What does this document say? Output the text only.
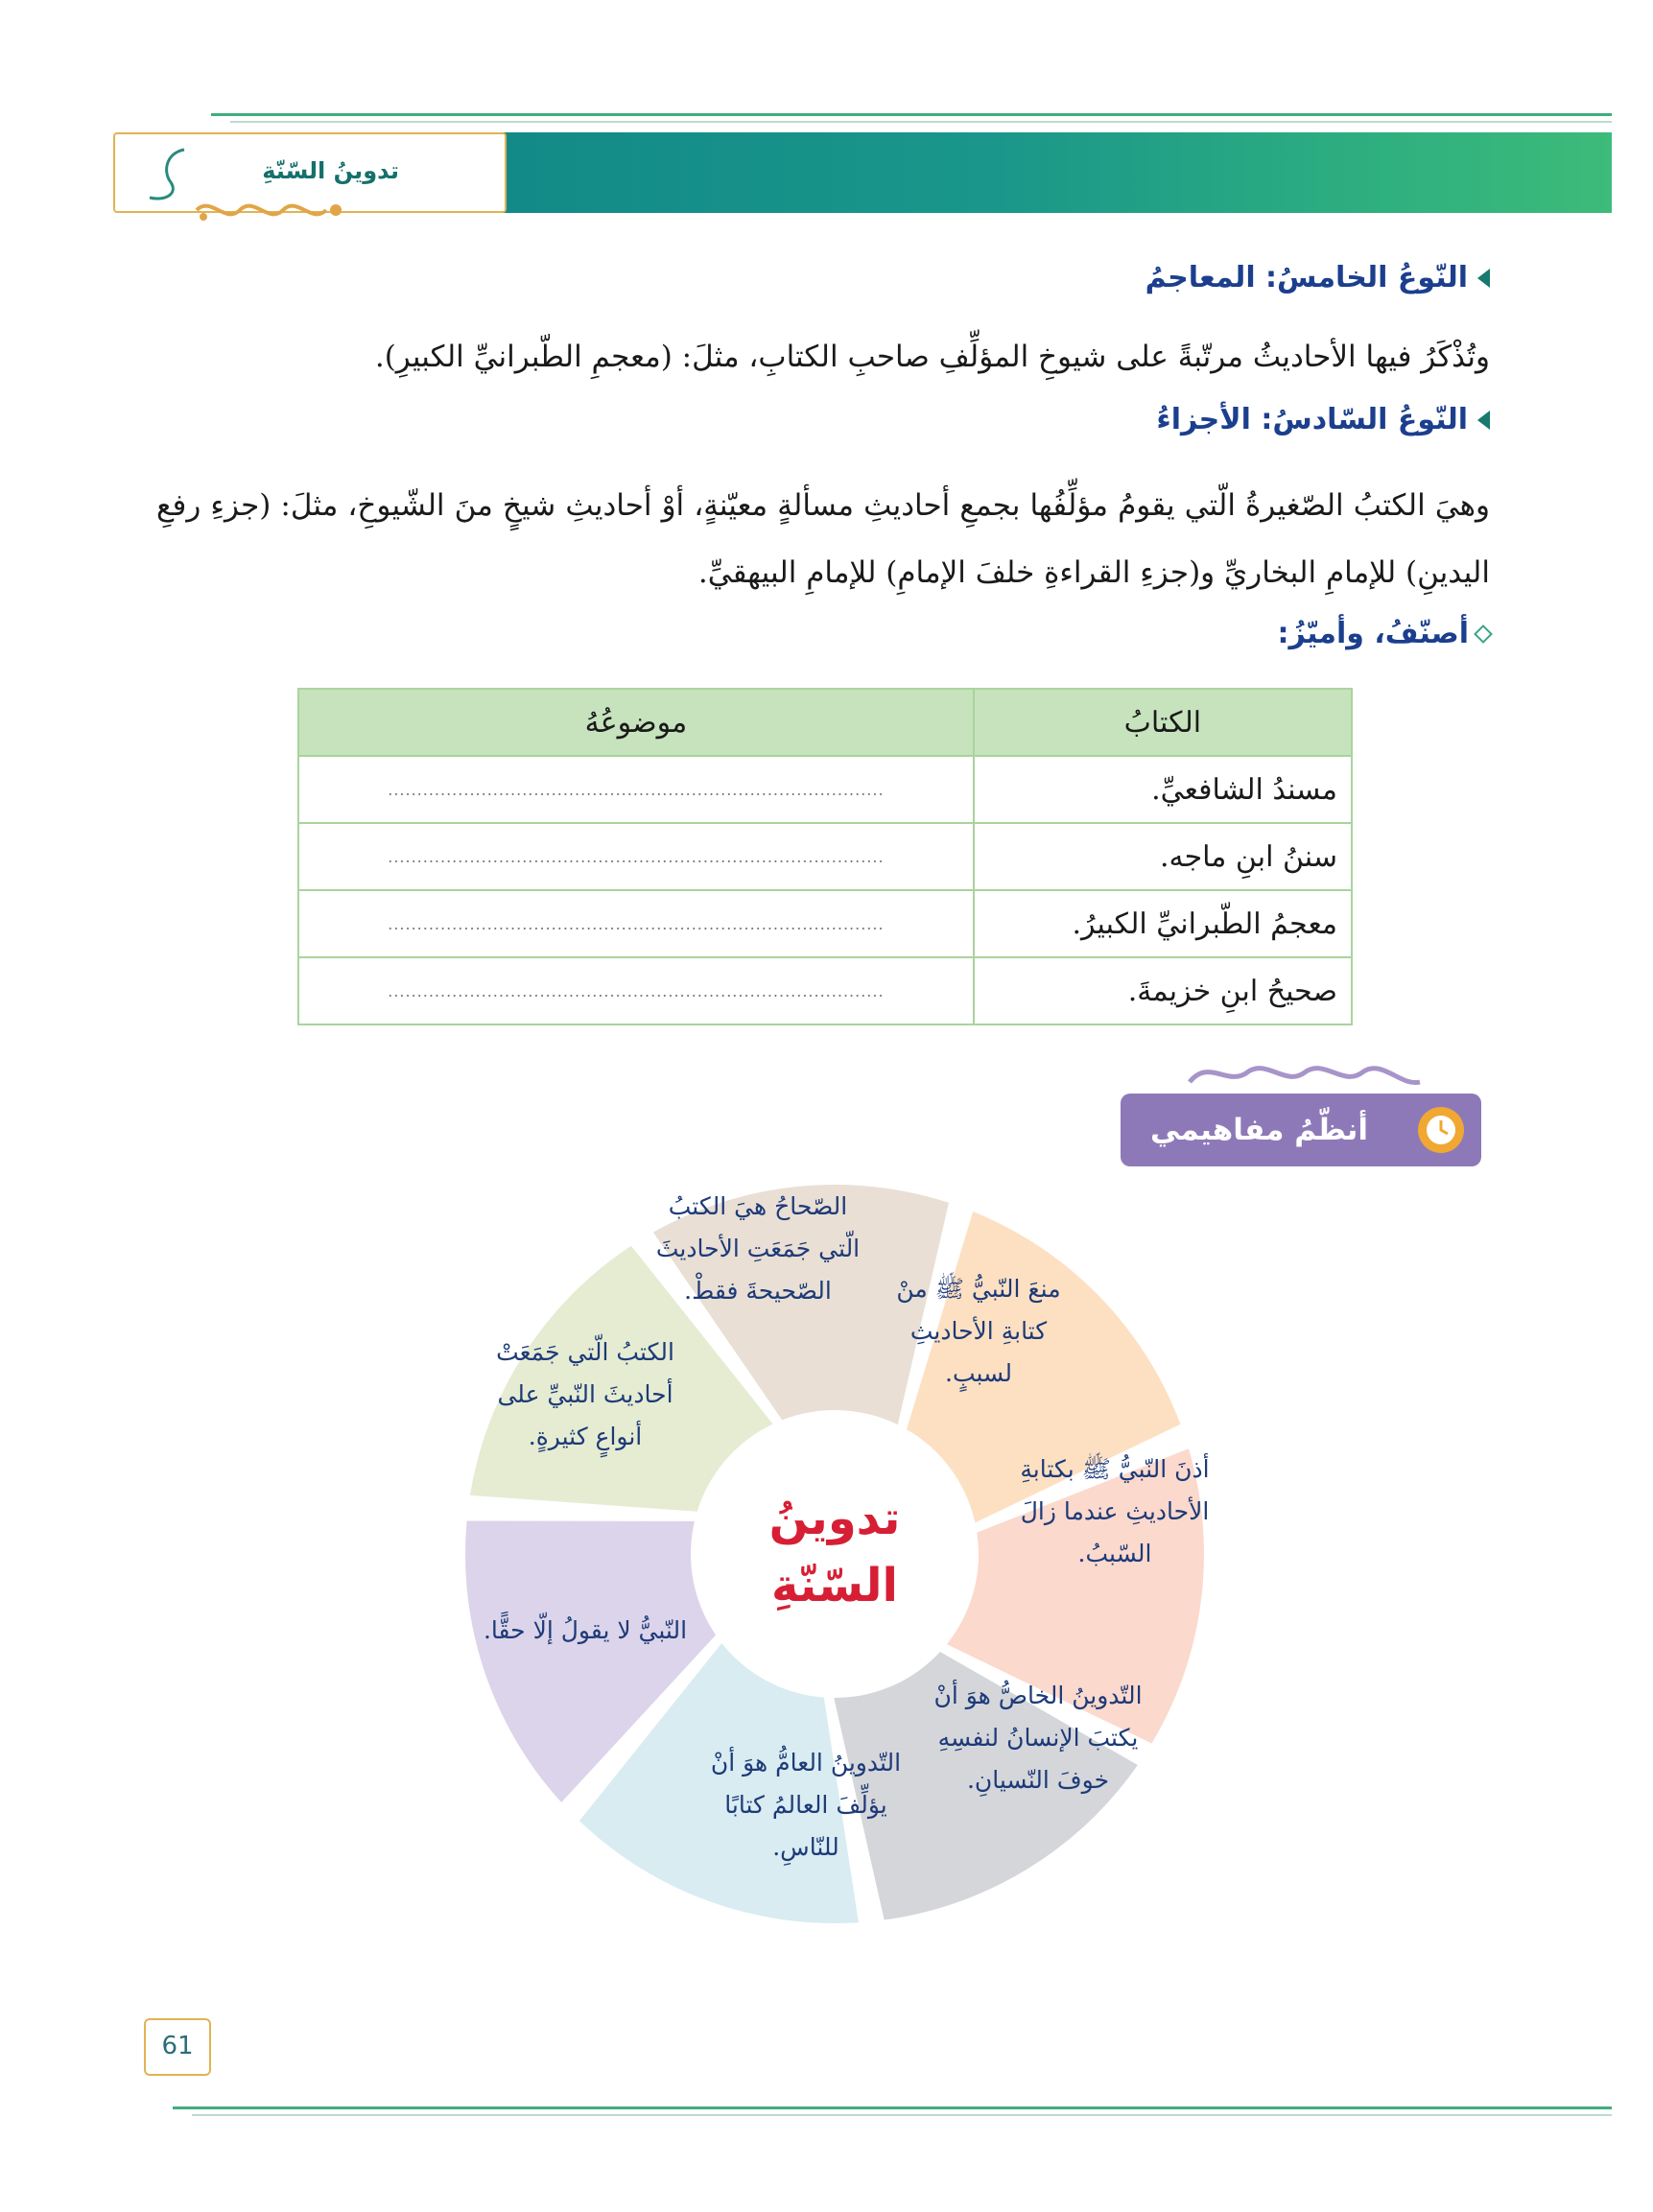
تدوينُ السّنّةِ
النّوعُ الخامسُ: المعاجمُ
وتُذْكَرُ فيها الأحاديثُ مرتّبةً على شيوخِ المؤلِّفِ صاحبِ الكتابِ، مثلَ: (معجمِ الطّبرانيِّ الكبيرِ).
النّوعُ السّادسُ: الأجزاءُ
وهيَ الكتبُ الصّغيرةُ الّتي يقومُ مؤلِّفُها بجمعِ أحاديثِ مسألةٍ معيّنةٍ، أوْ أحاديثِ شيخٍ منَ الشّيوخِ، مثلَ: (جزءِ رفعِ اليدينِ) للإمامِ البخاريِّ و(جزءِ القراءةِ خلفَ الإمامِ) للإمامِ البيهقيِّ.
أصنّفُ، وأميّزُ:
الكتابُ	موضوعُهُ
مسندُ الشافعيِّ.	.....................................................................................
سننُ ابنِ ماجه.	.....................................................................................
معجمُ الطّبرانيِّ الكبيرُ.	.....................................................................................
صحيحُ ابنِ خزيمةَ.	.....................................................................................
أنظّمُ مفاهيمي
منعَ النّبيُّ ﷺ منْ كتابةِ الأحاديثِ لسببٍ.
أذنَ النّبيُّ ﷺ بكتابةِ الأحاديثِ عندما زالَ السّببُ.
التّدوينُ الخاصُّ هوَ أنْ يكتبَ الإنسانُ لنفسِهِ خوفَ النّسيانِ.
التّدوينُ العامُّ هوَ أنْ يؤلِّفَ العالمُ كتابًا للنّاسِ.
النّبيُّ لا يقولُ إلّا حقًّا.
الكتبُ الّتي جَمَعَتْ أحاديثَ النّبيِّ على أنواعٍ كثيرةٍ.
الصّحاحُ هيَ الكتبُ الّتي جَمَعَتِ الأحاديثَ الصّحيحةَ فقطْ.
تدوينُ
السّنّةِ
61
